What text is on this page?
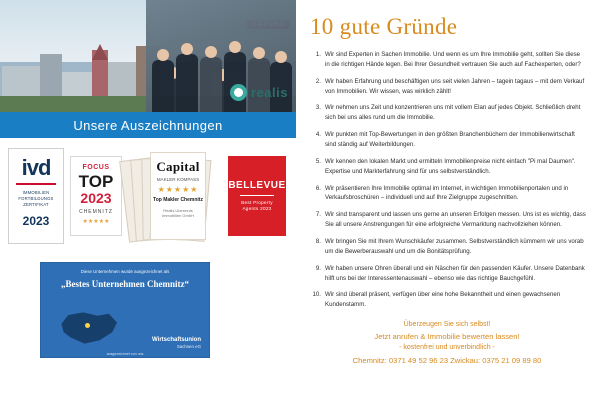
realis
Unsere Auszeichnungen
ivd
IMMOBILIEN
FORTBILDUNGS
ZERTIFIKAT
2023
FOCUS
TOP
2023
CHEMNITZ
★★★★★
Capital
MAKLER KOMPASS
★★★★★
Top Makler Chemnitz
Realis Ubermuts
Immobilien GmbH
BELLEVUE
Best Property
Agents 2023
Diese Unternehmen wurde ausgezeichnet als
„Bestes Unternehmen Chemnitz“
Wirtschaftsunion
Sachsen eG
ausgezeichnet von uns
10 gute Gründe
Wir sind Experten in Sachen Immobilie. Und wenn es um Ihre Immobilie geht, sollten Sie diese in die richtigen Hände legen. Bei Ihrer Gesundheit vertrauen Sie auch auf Fachexperten, oder?
Wir haben Erfahrung und beschäftigen uns seit vielen Jahren – tagein tagaus – mit dem Verkauf von Immobilien. Wir wissen, was wirklich zählt!
Wir nehmen uns Zeit und konzentrieren uns mit vollem Elan auf jedes Objekt. Schließlich dreht sich bei uns alles rund um die Immobilie.
Wir punkten mit Top-Bewertungen in den größten Branchenbüchern der Immobilienwirtschaft sind ständig auf Weiterbildungen.
Wir kennen den lokalen Markt und ermitteln Immobilienpreise nicht einfach "Pi mal Daumen". Expertise und Markterfahrung sind für uns selbstverständlich.
Wir präsentieren Ihre Immobilie optimal im Internet, in wichtigen Immobilienportalen und in Verkaufsbroschüren – individuell und auf Ihre Zielgruppe zugeschnitten.
Wir sind transparent und lassen uns gerne an unseren Erfolgen messen. Uns ist es wichtig, dass Sie all unsere Anstrengungen für eine erfolgreiche Vermarktung nachvollziehen können.
Wir bringen Sie mit Ihrem Wunschkäufer zusammen. Selbstverständlich kümmern wir uns vorab um die Bewerberauswahl und um die Bonitätsprüfung.
Wir haben unsere Ohren überall und ein Näschen für den passenden Käufer. Unsere Datenbank hilft uns bei der Interessentenauswahl – ebenso wie das richtige Bauchgefühl.
Wir sind überall präsent, verfügen über eine hohe Bekanntheit und einen gewachsenen Kundenstamm.
Überzeugen Sie sich selbst!
Jetzt anrufen & Immobilie bewerten lassen!
- kostenfrei und unverbindlich -
Chemnitz: 0371 49 52 96 23 Zwickau: 0375 21 09 89 80
